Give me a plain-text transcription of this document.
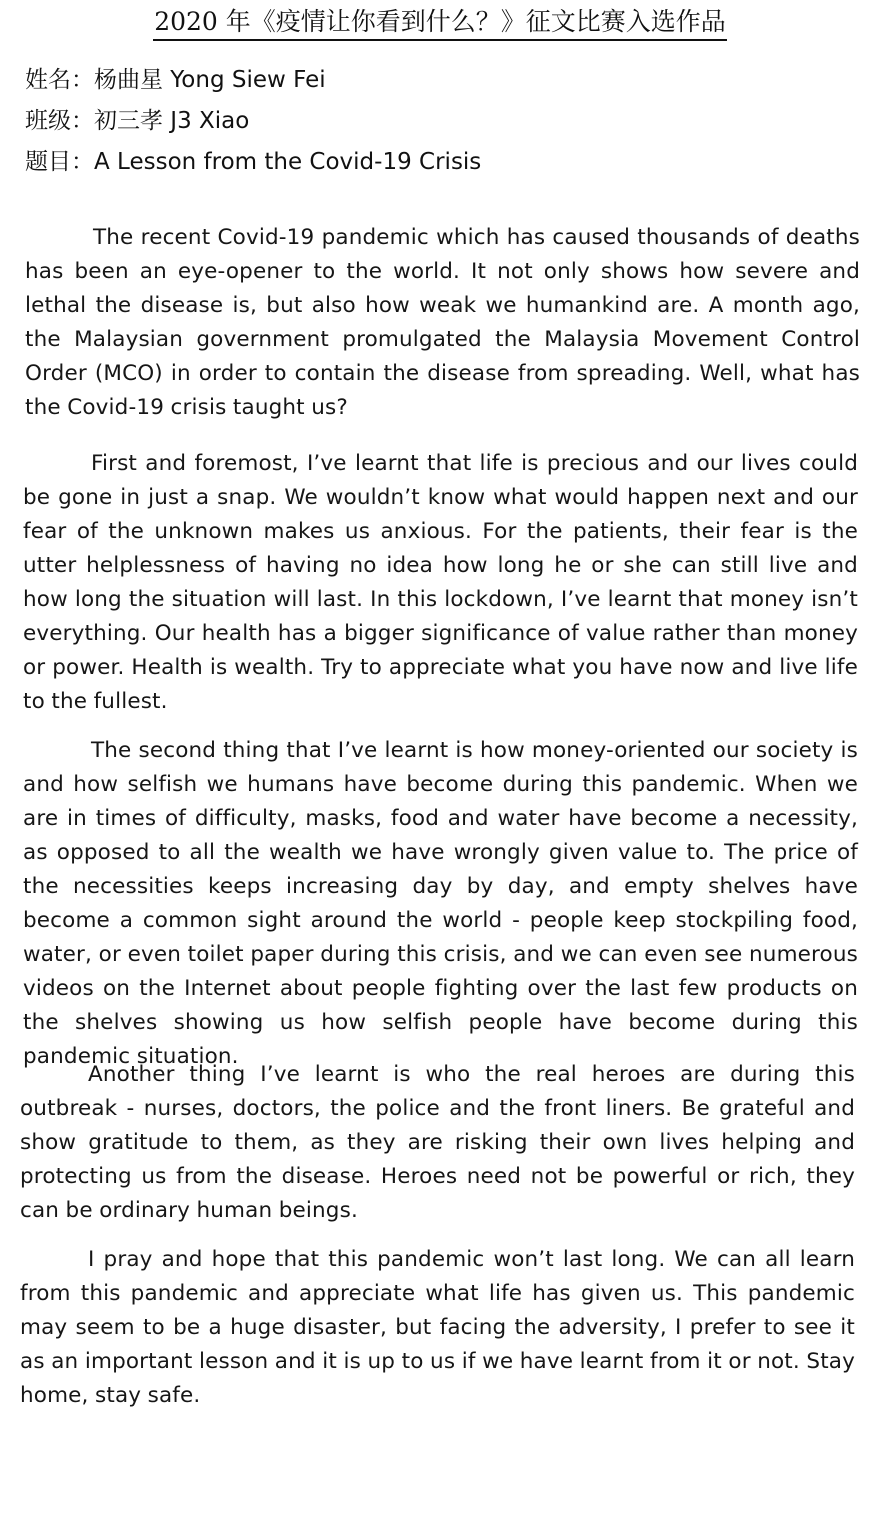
2020 年《疫情让你看到什么？》征文比赛入选作品
姓名：杨曲星 Yong Siew Fei
班级：初三孝 J3 Xiao
题目：A Lesson from the Covid-19 Crisis
The recent Covid-19 pandemic which has caused thousands of deaths has been an eye-opener to the world. It not only shows how severe and lethal the disease is, but also how weak we humankind are. A month ago, the Malaysian government promulgated the Malaysia Movement Control Order (MCO) in order to contain the disease from spreading. Well, what has the Covid-19 crisis taught us?
First and foremost, I’ve learnt that life is precious and our lives could be gone in just a snap. We wouldn’t know what would happen next and our fear of the unknown makes us anxious. For the patients, their fear is the utter helplessness of having no idea how long he or she can still live and how long the situation will last. In this lockdown, I’ve learnt that money isn’t everything. Our health has a bigger significance of value rather than money or power. Health is wealth. Try to appreciate what you have now and live life to the fullest.
The second thing that I’ve learnt is how money-oriented our society is and how selfish we humans have become during this pandemic. When we are in times of difficulty, masks, food and water have become a necessity, as opposed to all the wealth we have wrongly given value to. The price of the necessities keeps increasing day by day, and empty shelves have become a common sight around the world - people keep stockpiling food, water, or even toilet paper during this crisis, and we can even see numerous videos on the Internet about people fighting over the last few products on the shelves showing us how selfish people have become during this pandemic situation.
Another thing I’ve learnt is who the real heroes are during this outbreak - nurses, doctors, the police and the front liners. Be grateful and show gratitude to them, as they are risking their own lives helping and protecting us from the disease. Heroes need not be powerful or rich, they can be ordinary human beings.
I pray and hope that this pandemic won’t last long. We can all learn from this pandemic and appreciate what life has given us. This pandemic may seem to be a huge disaster, but facing the adversity, I prefer to see it as an important lesson and it is up to us if we have learnt from it or not. Stay home, stay safe.
